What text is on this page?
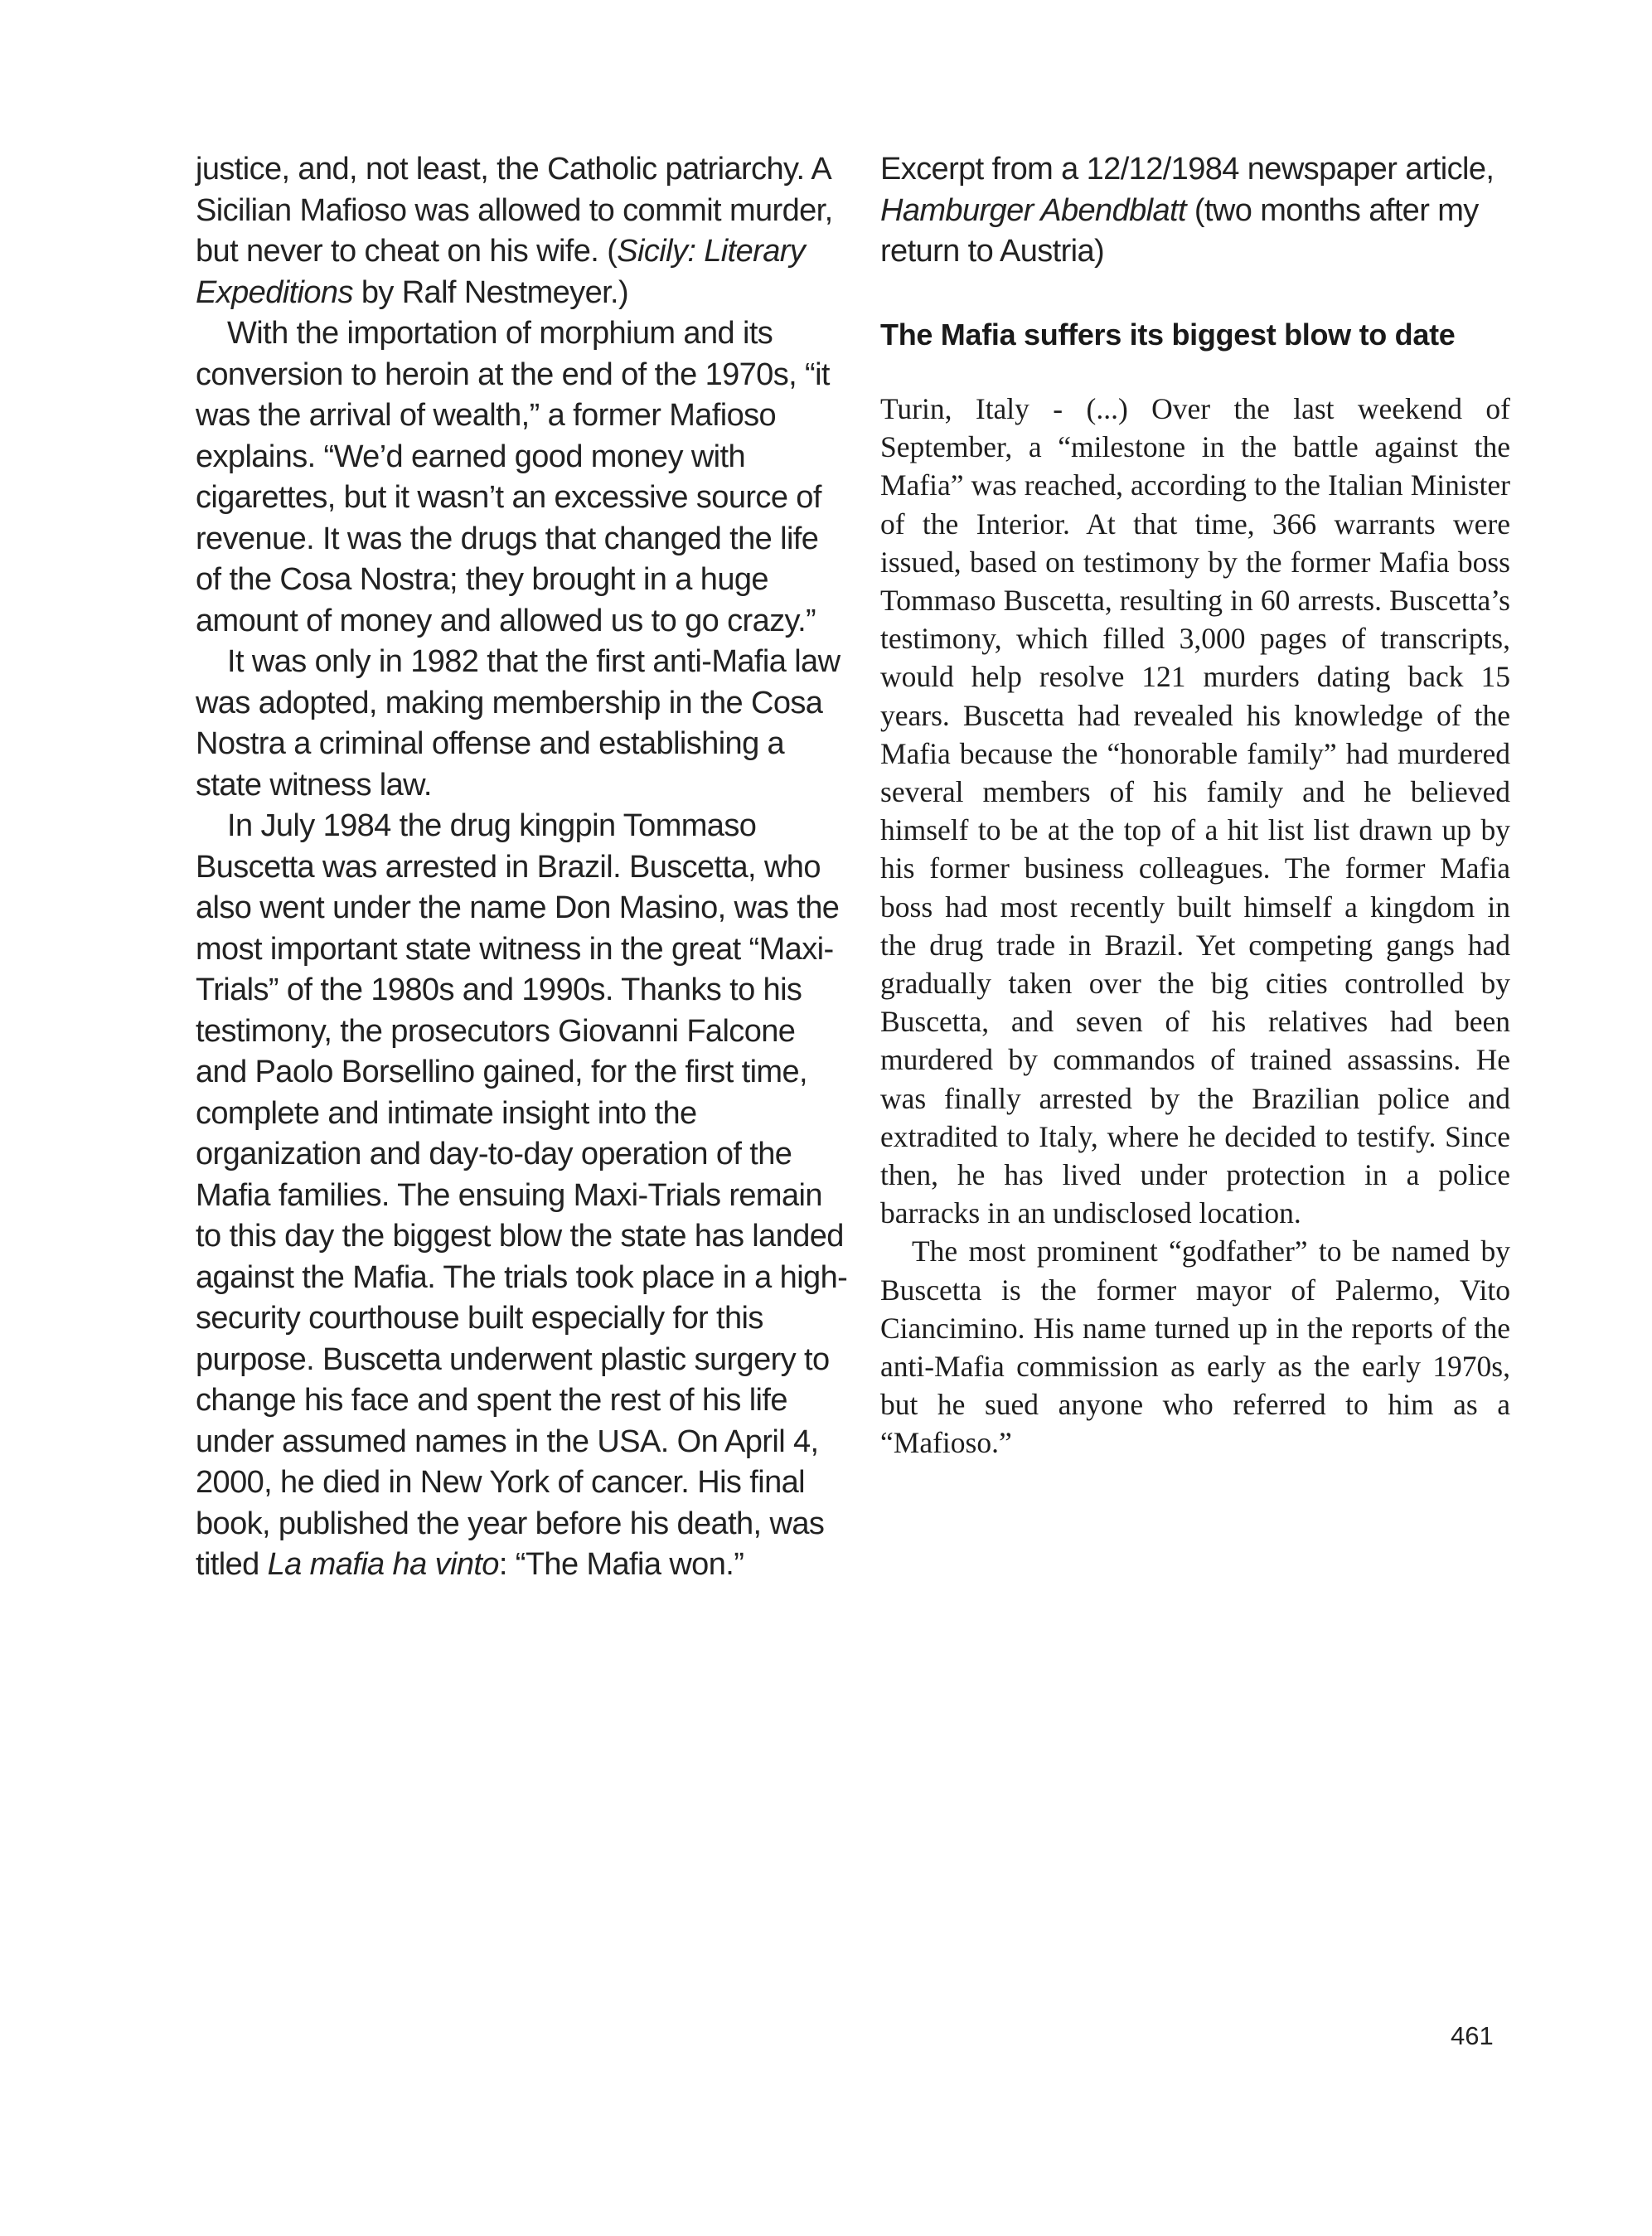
justice, and, not least, the Catholic patriarchy. A Sicilian Mafioso was allowed to commit murder, but never to cheat on his wife. (Sicily: Literary Expeditions by Ralf Nestmeyer.)

With the importation of morphium and its conversion to heroin at the end of the 1970s, “it was the arrival of wealth,” a former Mafioso explains. “We’d earned good money with cigarettes, but it wasn’t an excessive source of revenue. It was the drugs that changed the life of the Cosa Nostra; they brought in a huge amount of money and allowed us to go crazy.”

It was only in 1982 that the first anti-Mafia law was adopted, making membership in the Cosa Nostra a criminal offense and establishing a state witness law.

In July 1984 the drug kingpin Tommaso Buscetta was arrested in Brazil. Buscetta, who also went under the name Don Masino, was the most important state witness in the great “Maxi-Trials” of the 1980s and 1990s. Thanks to his testimony, the prosecutors Giovanni Falcone and Paolo Borsellino gained, for the first time, complete and intimate insight into the organization and day-to-day operation of the Mafia families. The ensuing Maxi-Trials remain to this day the biggest blow the state has landed against the Mafia. The trials took place in a high-security courthouse built especially for this purpose. Buscetta underwent plastic surgery to change his face and spent the rest of his life under assumed names in the USA. On April 4, 2000, he died in New York of cancer. His final book, published the year before his death, was titled La mafia ha vinto: “The Mafia won.”

Excerpt from a 12/12/1984 newspaper article, Hamburger Abendblatt (two months after my return to Austria)

The Mafia suffers its biggest blow to date

Turin, Italy - (...) Over the last weekend of September, a “milestone in the battle against the Mafia” was reached, according to the Italian Minister of the Interior. At that time, 366 warrants were issued, based on testimony by the former Mafia boss Tommaso Buscetta, resulting in 60 arrests. Buscetta’s testimony, which filled 3,000 pages of transcripts, would help resolve 121 murders dating back 15 years. Buscetta had revealed his knowledge of the Mafia because the “honorable family” had murdered several members of his family and he believed himself to be at the top of a hit list list drawn up by his former business colleagues. The former Mafia boss had most recently built himself a kingdom in the drug trade in Brazil. Yet competing gangs had gradually taken over the big cities controlled by Buscetta, and seven of his relatives had been murdered by commandos of trained assassins. He was finally arrested by the Brazilian police and extradited to Italy, where he decided to testify. Since then, he has lived under protection in a police barracks in an undisclosed location.

The most prominent “godfather” to be named by Buscetta is the former mayor of Palermo, Vito Ciancimino. His name turned up in the reports of the anti-Mafia commission as early as the early 1970s, but he sued anyone who referred to him as a “Mafioso.”

461
